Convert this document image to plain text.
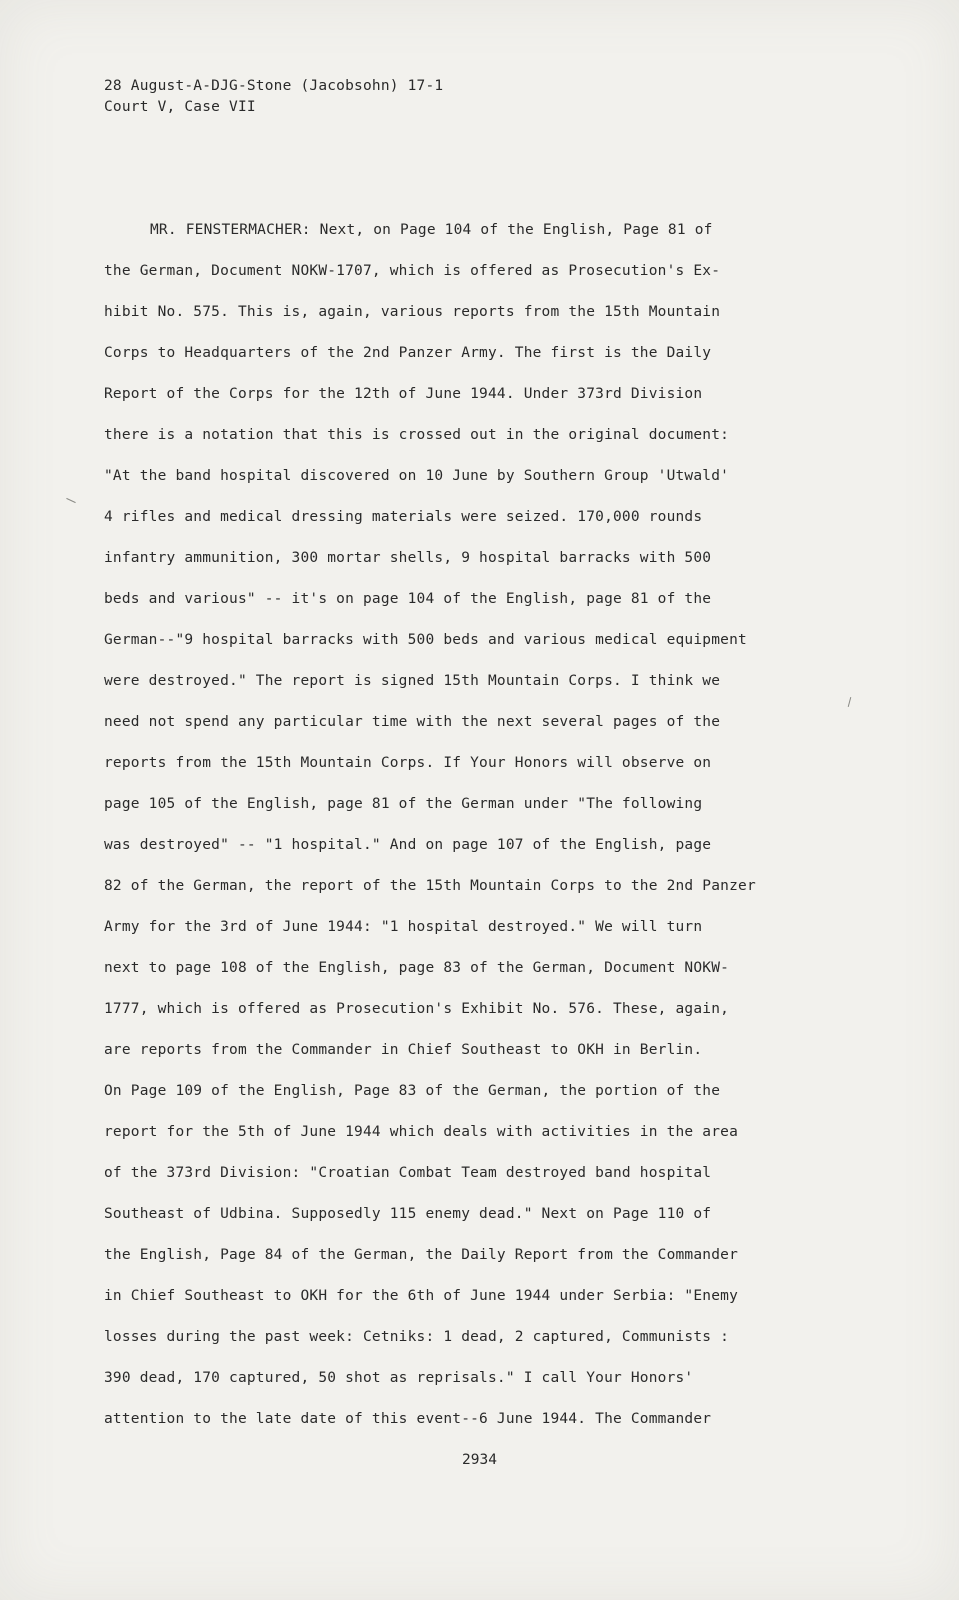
28 August-A-DJG-Stone (Jacobsohn) 17-1
Court V, Case VII
MR. FENSTERMACHER: Next, on Page 104 of the English, Page 81 of
the German, Document NOKW-1707, which is offered as Prosecution's Ex-
hibit No. 575. This is, again, various reports from the 15th Mountain
Corps to Headquarters of the 2nd Panzer Army. The first is the Daily
Report of the Corps for the 12th of June 1944. Under 373rd Division
there is a notation that this is crossed out in the original document:
"At the band hospital discovered on 10 June by Southern Group 'Utwald'
4 rifles and medical dressing materials were seized. 170,000 rounds
infantry ammunition, 300 mortar shells, 9 hospital barracks with 500
beds and various" -- it's on page 104 of the English, page 81 of the
German--"9 hospital barracks with 500 beds and various medical equipment
were destroyed." The report is signed 15th Mountain Corps. I think we
need not spend any particular time with the next several pages of the
reports from the 15th Mountain Corps. If Your Honors will observe on
page 105 of the English, page 81 of the German under "The following
was destroyed" -- "1 hospital." And on page 107 of the English, page
82 of the German, the report of the 15th Mountain Corps to the 2nd Panzer
Army for the 3rd of June 1944: "1 hospital destroyed." We will turn
next to page 108 of the English, page 83 of the German, Document NOKW-
1777, which is offered as Prosecution's Exhibit No. 576. These, again,
are reports from the Commander in Chief Southeast to OKH in Berlin.
On Page 109 of the English, Page 83 of the German, the portion of the
report for the 5th of June 1944 which deals with activities in the area
of the 373rd Division: "Croatian Combat Team destroyed band hospital
Southeast of Udbina. Supposedly 115 enemy dead." Next on Page 110 of
the English, Page 84 of the German, the Daily Report from the Commander
in Chief Southeast to OKH for the 6th of June 1944 under Serbia: "Enemy
losses during the past week: Cetniks: 1 dead, 2 captured, Communists :
390 dead, 170 captured, 50 shot as reprisals." I call Your Honors'
attention to the late date of this event--6 June 1944. The Commander
2934
